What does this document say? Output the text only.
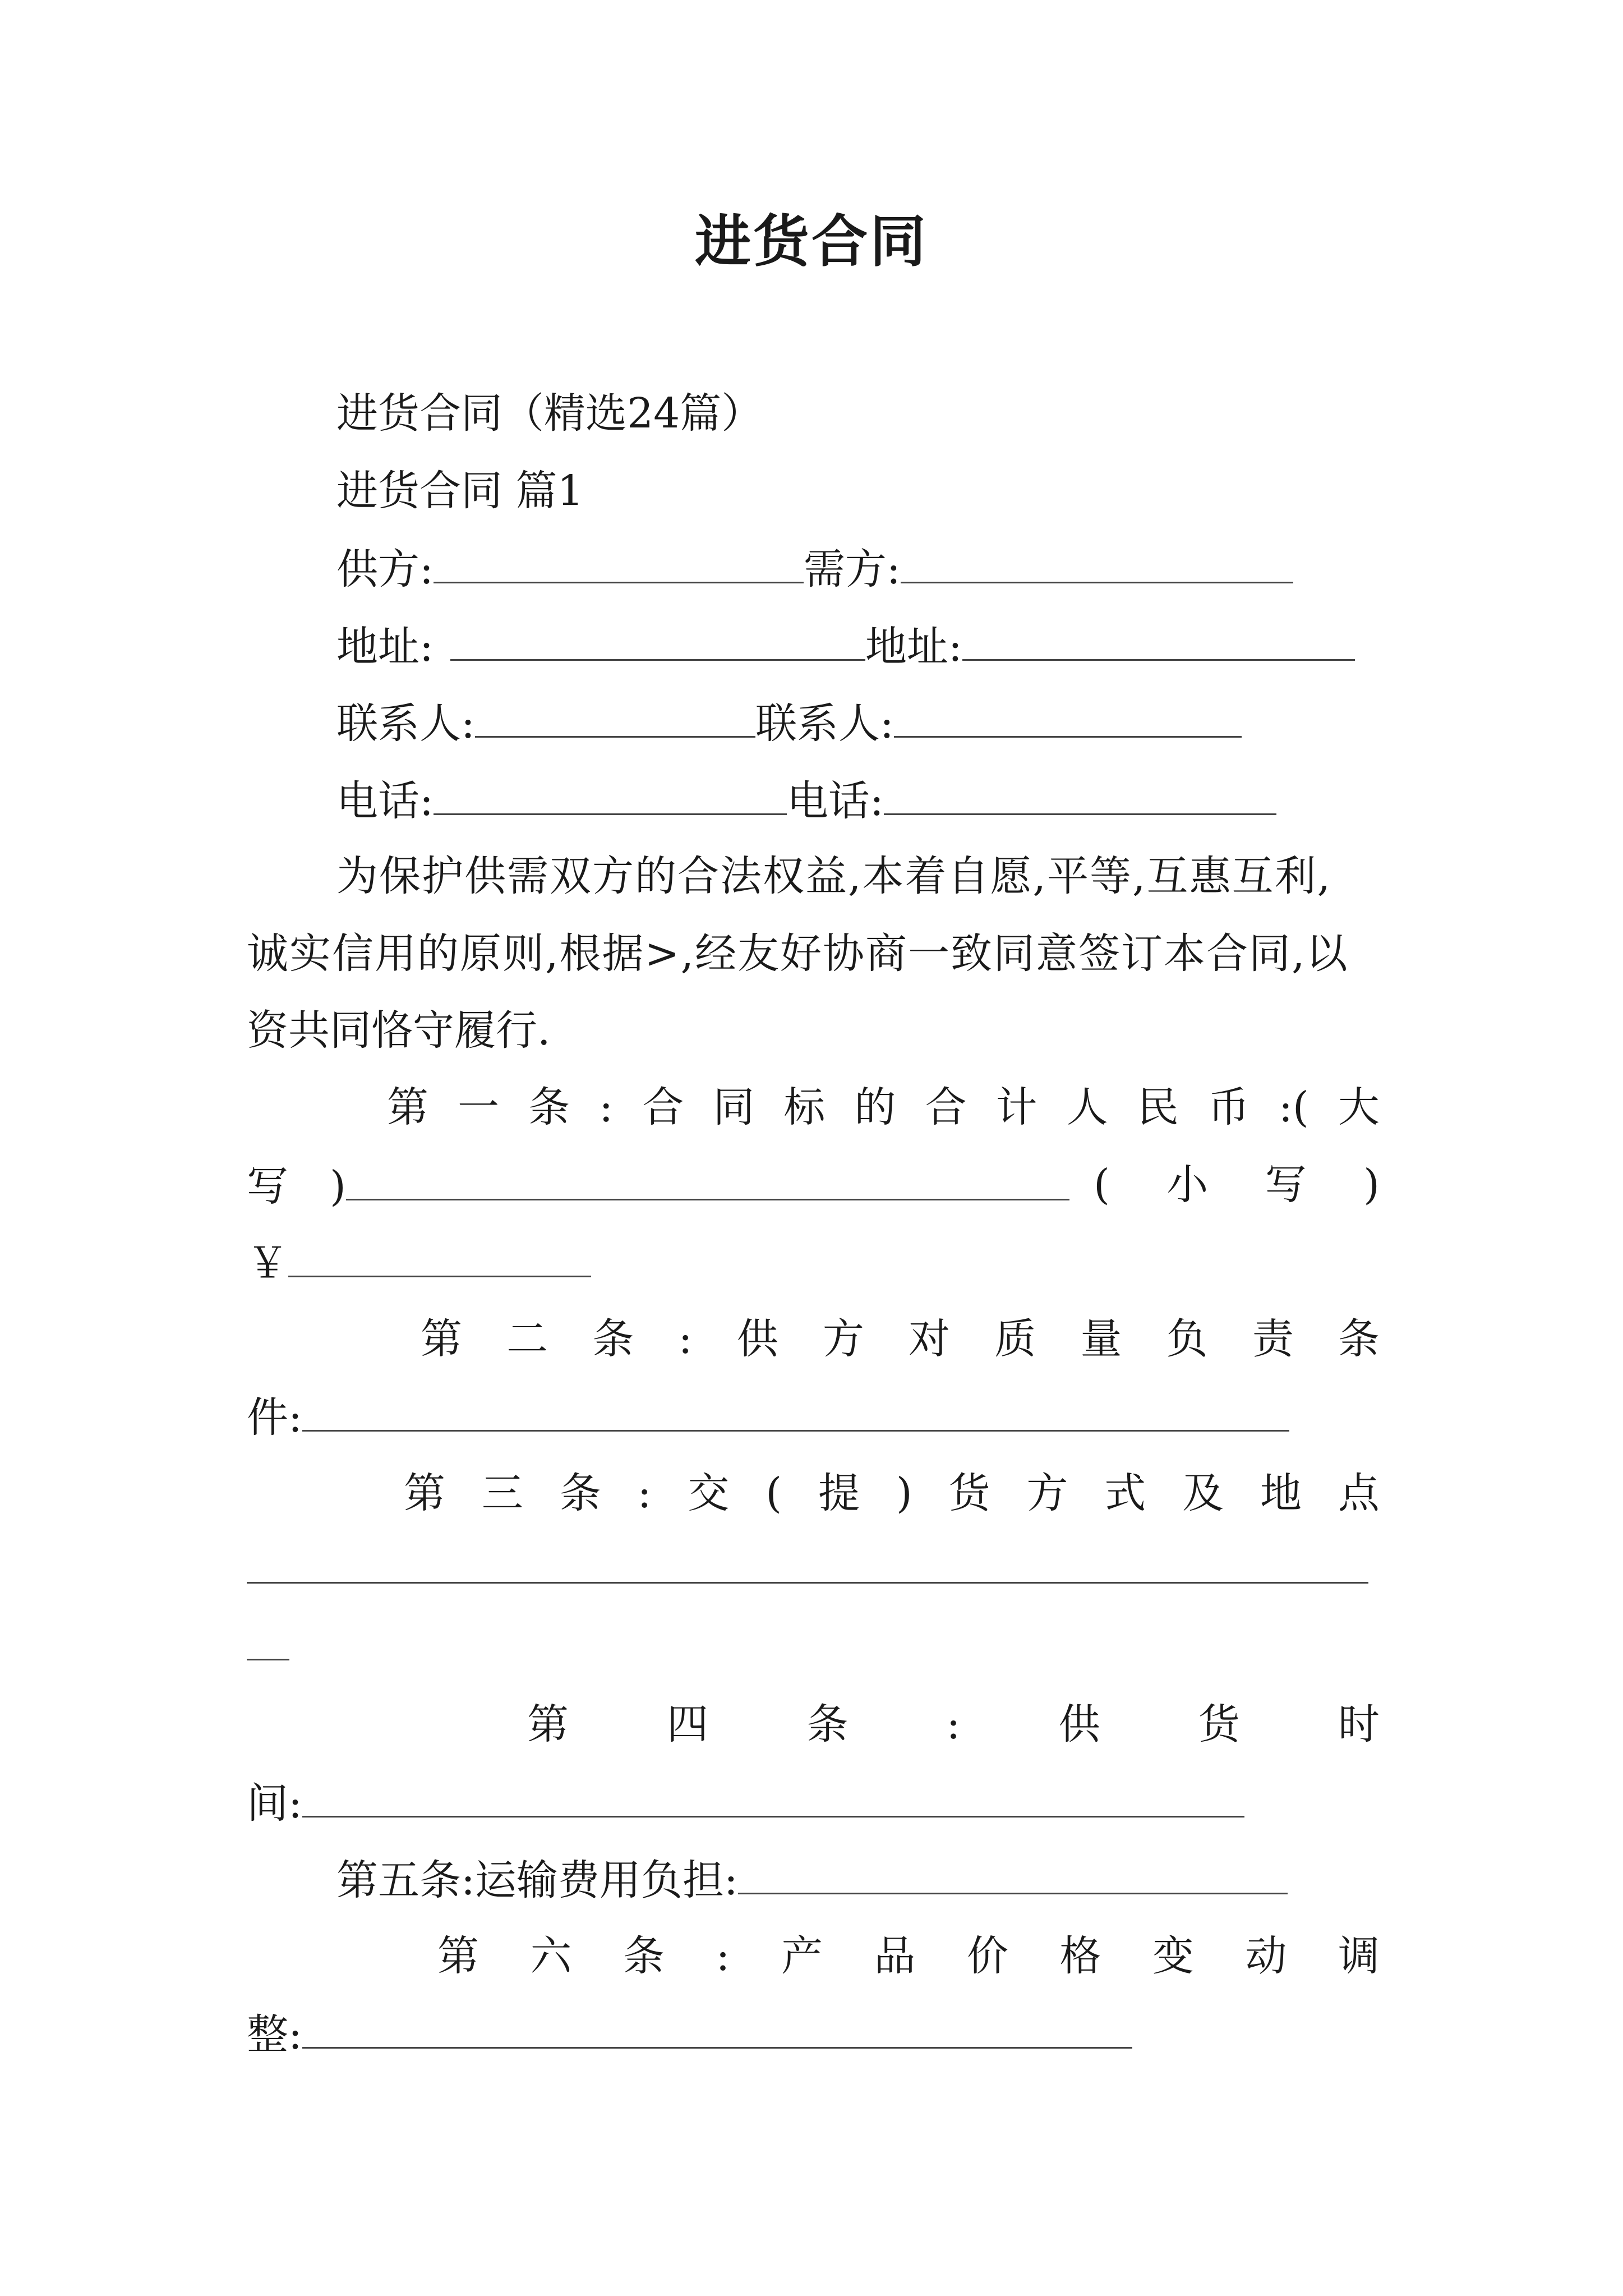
进货合同
进货合同（精选24篇）
进货合同 篇1
供方:	需方:
地址:	地址:
联系人:	联系人:
电话:	电话:
为保护供需双方的合法权益,本着自愿,平等,互惠互利,
诚实信用的原则,根据>,经友好协商一致同意签订本合同,以
资共同恪守履行.
第 一 条 : 合 同 标 的 合 计 人 民 币 :( 大
写　)	( 小 写 )
￥
第 二 条 : 供 方 对 质 量 负 责 条
件:
第 三 条 : 交 ( 提 ) 货 方 式 及 地 点
第 四 条 : 供 货 时
间:
第五条:运输费用负担:
第 六 条 : 产 品 价 格 变 动 调
整:
